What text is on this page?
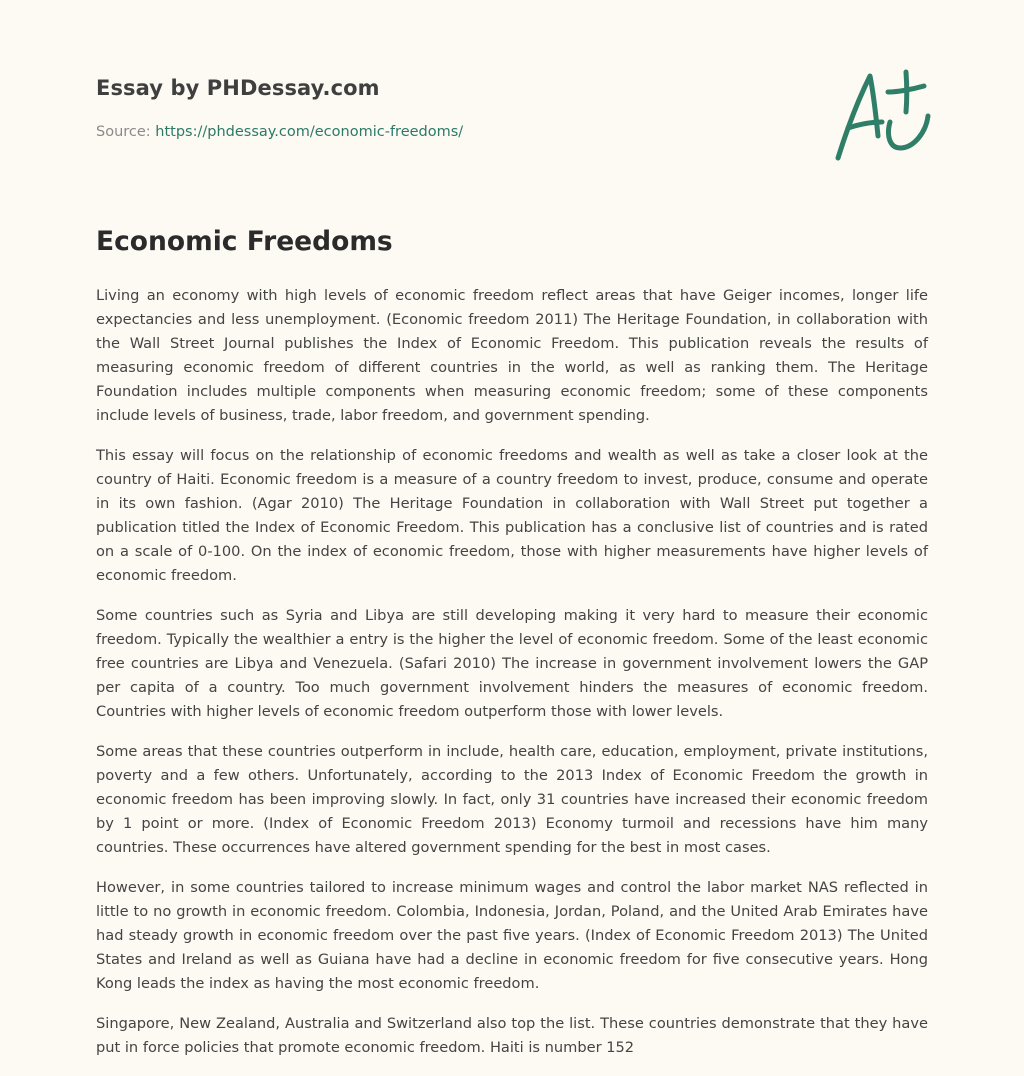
Essay by PHDessay.com

Source: https://phdessay.com/economic-freedoms/

Economic Freedoms

Living an economy with high levels of economic freedom reflect areas that have Geiger incomes, longer life expectancies and less unemployment. (Economic freedom 2011) The Heritage Foundation, in collaboration with the Wall Street Journal publishes the Index of Economic Freedom. This publication reveals the results of measuring economic freedom of different countries in the world, as well as ranking them. The Heritage Foundation includes multiple components when measuring economic freedom; some of these components include levels of business, trade, labor freedom, and government spending.

This essay will focus on the relationship of economic freedoms and wealth as well as take a closer look at the country of Haiti. Economic freedom is a measure of a country freedom to invest, produce, consume and operate in its own fashion. (Agar 2010) The Heritage Foundation in collaboration with Wall Street put together a publication titled the Index of Economic Freedom. This publication has a conclusive list of countries and is rated on a scale of 0-100. On the index of economic freedom, those with higher measurements have higher levels of economic freedom.

Some countries such as Syria and Libya are still developing making it very hard to measure their economic freedom. Typically the wealthier a entry is the higher the level of economic freedom. Some of the least economic free countries are Libya and Venezuela. (Safari 2010) The increase in government involvement lowers the GAP per capita of a country. Too much government involvement hinders the measures of economic freedom. Countries with higher levels of economic freedom outperform those with lower levels.

Some areas that these countries outperform in include, health care, education, employment, private institutions, poverty and a few others. Unfortunately, according to the 2013 Index of Economic Freedom the growth in economic freedom has been improving slowly. In fact, only 31 countries have increased their economic freedom by 1 point or more. (Index of Economic Freedom 2013) Economy turmoil and recessions have him many countries. These occurrences have altered government spending for the best in most cases.

However, in some countries tailored to increase minimum wages and control the labor market NAS reflected in little to no growth in economic freedom. Colombia, Indonesia, Jordan, Poland, and the United Arab Emirates have had steady growth in economic freedom over the past five years. (Index of Economic Freedom 2013) The United States and Ireland as well as Guiana have had a decline in economic freedom for five consecutive years. Hong Kong leads the index as having the most economic freedom.

Singapore, New Zealand, Australia and Switzerland also top the list. These countries demonstrate that they have put in force policies that promote economic freedom. Haiti is number 152
